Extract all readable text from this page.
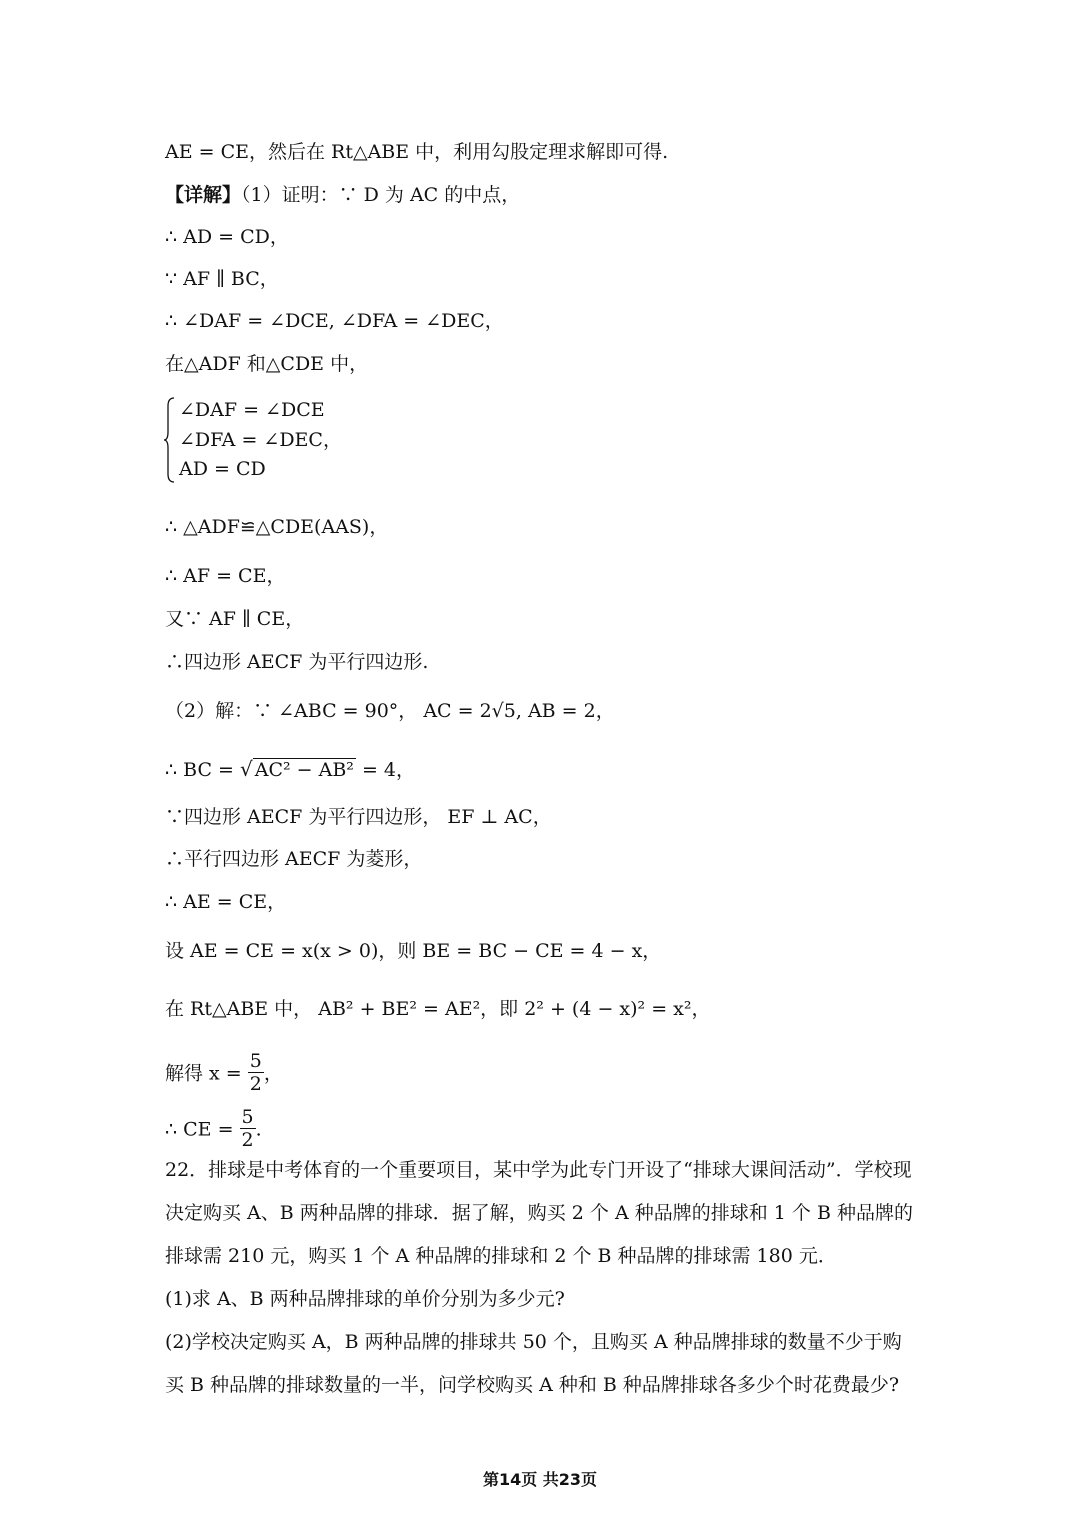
AE = CE，然后在 Rt△ABE 中，利用勾股定理求解即可得.
【详解】（1）证明：∵ D 为 AC 的中点，
∴ AD = CD，
∵ AF ∥ BC，
∴ ∠DAF = ∠DCE, ∠DFA = ∠DEC，
在△ADF 和△CDE 中，
∠DAF = ∠DCE
∠DFA = ∠DEC，
AD = CD
∴ △ADF≌△CDE(AAS)，
∴ AF = CE，
又∵ AF ∥ CE，
∴四边形 AECF 为平行四边形.
（2）解：∵ ∠ABC = 90°， AC = 2√5, AB = 2，
∴ BC = √ AC² − AB² = 4，
∵四边形 AECF 为平行四边形， EF ⊥ AC，
∴平行四边形 AECF 为菱形，
∴ AE = CE，
设 AE = CE = x(x > 0)，则 BE = BC − CE = 4 − x，
在 Rt△ABE 中， AB² + BE² = AE²，即 2² + (4 − x)² = x²，
解得 $x = \frac{5}{2}$ ，
∴ CE = $\frac{5}{2}$ .
22．排球是中考体育的一个重要项目，某中学为此专门开设了“排球大课间活动”．学校现决定购买 A、B 两种品牌的排球．据了解，购买 2 个 A 种品牌的排球和 1 个 B 种品牌的排球需 210 元，购买 1 个 A 种品牌的排球和 2 个 B 种品牌的排球需 180 元．
(1)求 A、B 两种品牌排球的单价分别为多少元?
(2)学校决定购买 A，B 两种品牌的排球共 50 个，且购买 A 种品牌排球的数量不少于购买 B 种品牌的排球数量的一半，问学校购买 A 种和 B 种品牌排球各多少个时花费最少?
第14页 共23页
